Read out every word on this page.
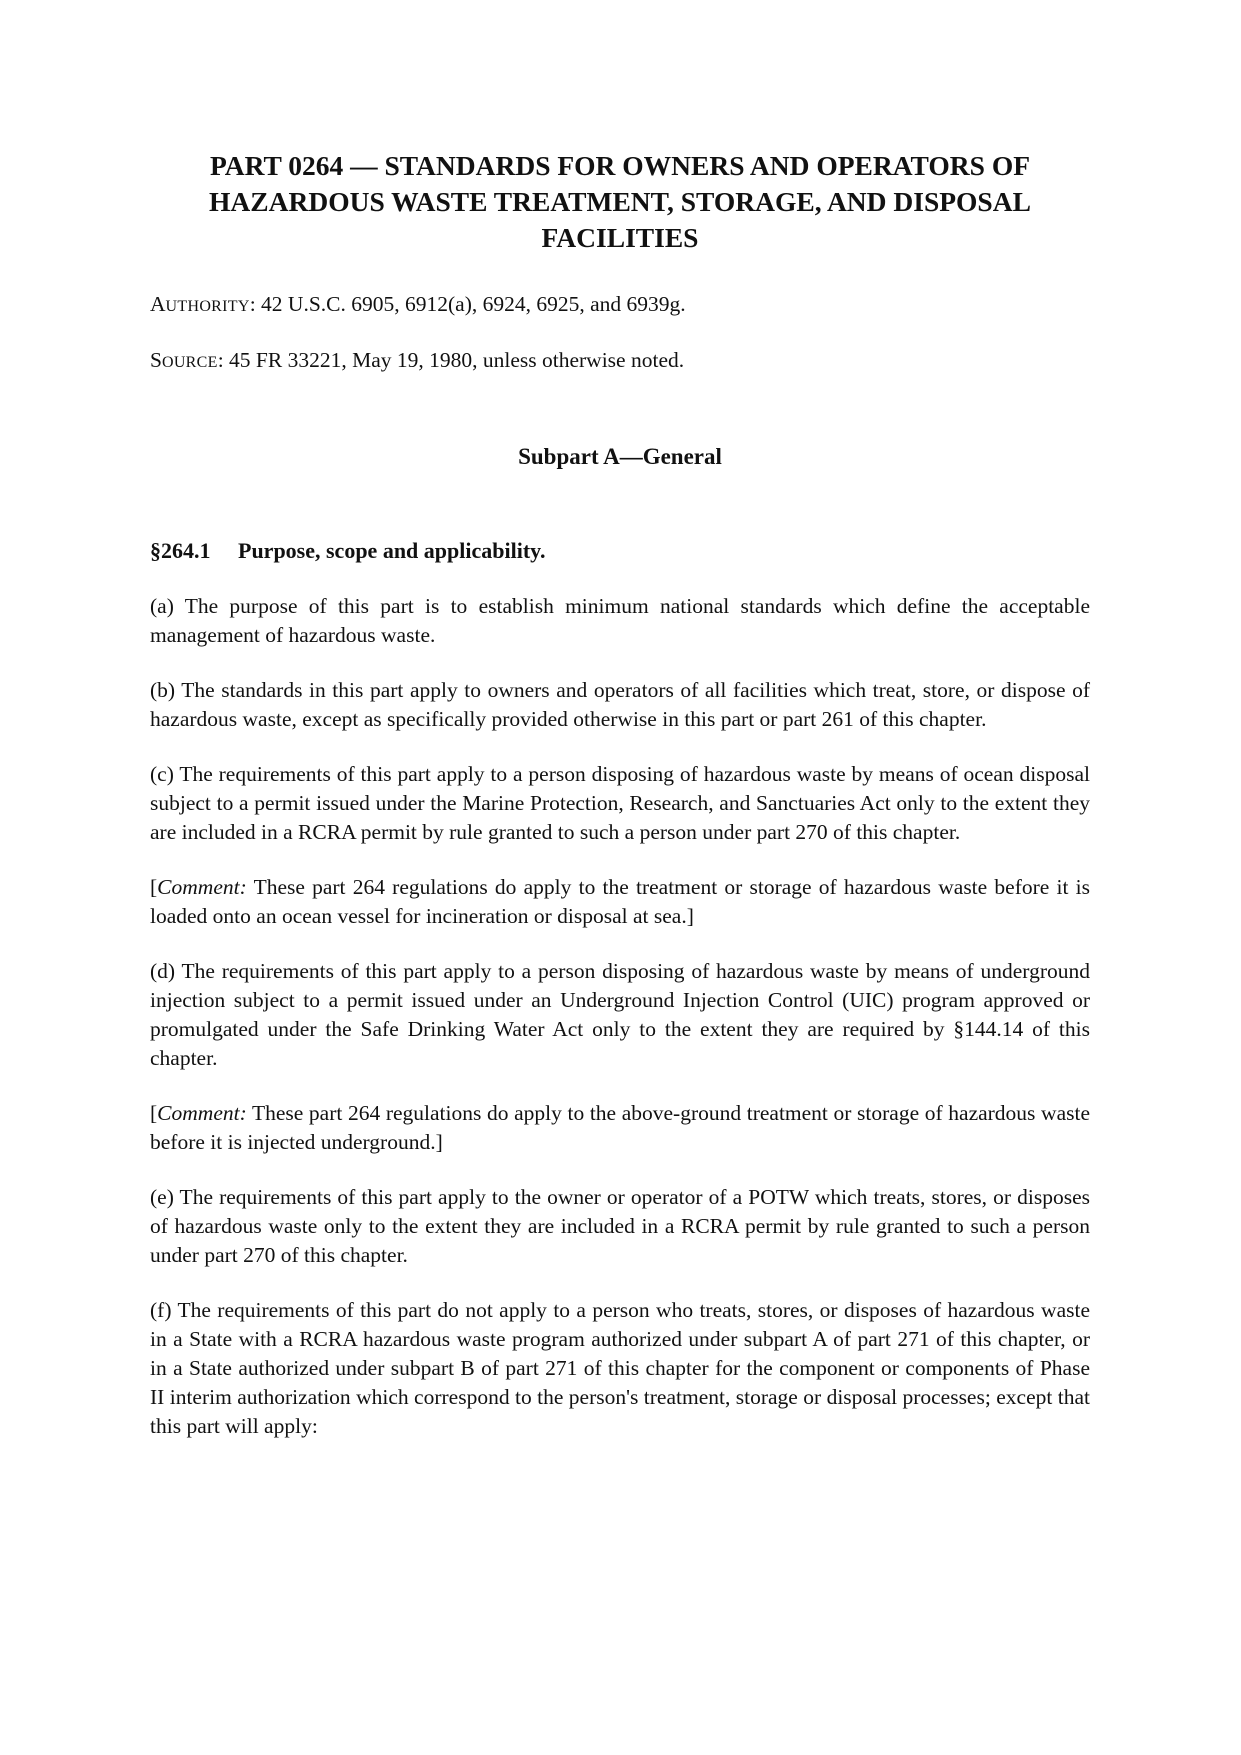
PART 0264 — STANDARDS FOR OWNERS AND OPERATORS OF
HAZARDOUS WASTE TREATMENT, STORAGE, AND DISPOSAL
FACILITIES

AUTHORITY: 42 U.S.C. 6905, 6912(a), 6924, 6925, and 6939g.

SOURCE: 45 FR 33221, May 19, 1980, unless otherwise noted.

Subpart A—General
§264.1 Purpose, scope and applicability.

(a) The purpose of this part is to establish minimum national standards which define the acceptable management of hazardous waste.

(b) The standards in this part apply to owners and operators of all facilities which treat, store, or dispose of hazardous waste, except as specifically provided otherwise in this part or part 261 of this chapter.

(c) The requirements of this part apply to a person disposing of hazardous waste by means of ocean disposal subject to a permit issued under the Marine Protection, Research, and Sanctuaries Act only to the extent they are included in a RCRA permit by rule granted to such a person under part 270 of this chapter.

[Comment: These part 264 regulations do apply to the treatment or storage of hazardous waste before it is loaded onto an ocean vessel for incineration or disposal at sea.]

(d) The requirements of this part apply to a person disposing of hazardous waste by means of underground injection subject to a permit issued under an Underground Injection Control (UIC) program approved or promulgated under the Safe Drinking Water Act only to the extent they are required by §144.14 of this chapter.

[Comment: These part 264 regulations do apply to the above-ground treatment or storage of hazardous waste before it is injected underground.]

(e) The requirements of this part apply to the owner or operator of a POTW which treats, stores, or disposes of hazardous waste only to the extent they are included in a RCRA permit by rule granted to such a person under part 270 of this chapter.

(f) The requirements of this part do not apply to a person who treats, stores, or disposes of hazardous waste in a State with a RCRA hazardous waste program authorized under subpart A of part 271 of this chapter, or in a State authorized under subpart B of part 271 of this chapter for the component or components of Phase II interim authorization which correspond to the person's treatment, storage or disposal processes; except that this part will apply:
